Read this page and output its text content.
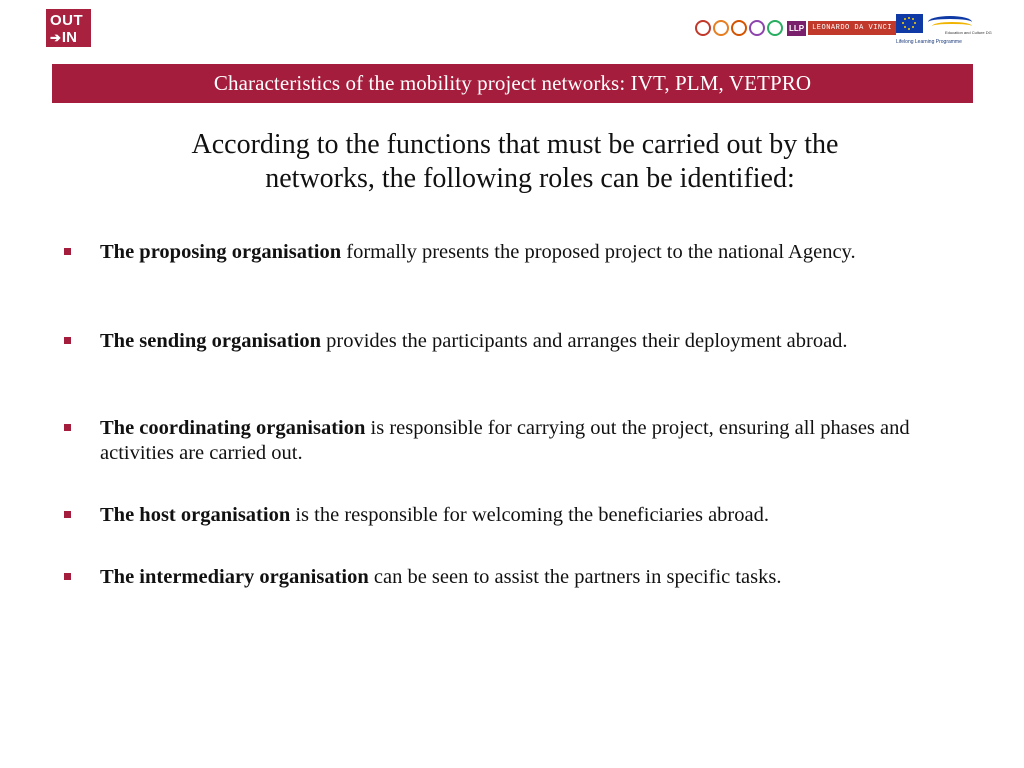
OUT
➔IN
LLP	LEONARDO DA VINCI
Education and Culture DG
Lifelong Learning Programme
Characteristics of the mobility project networks: IVT, PLM, VETPRO

According to the functions that must be carried out by the
networks, the following roles can be identified:

The proposing organisation formally presents the proposed project to the national Agency.
The sending organisation provides the participants and arranges their deployment abroad.
The coordinating organisation is responsible for carrying out the project, ensuring all phases and activities are carried out.
The host organisation is the responsible for welcoming the beneficiaries abroad.
The intermediary organisation can be seen to assist the partners in specific tasks.
